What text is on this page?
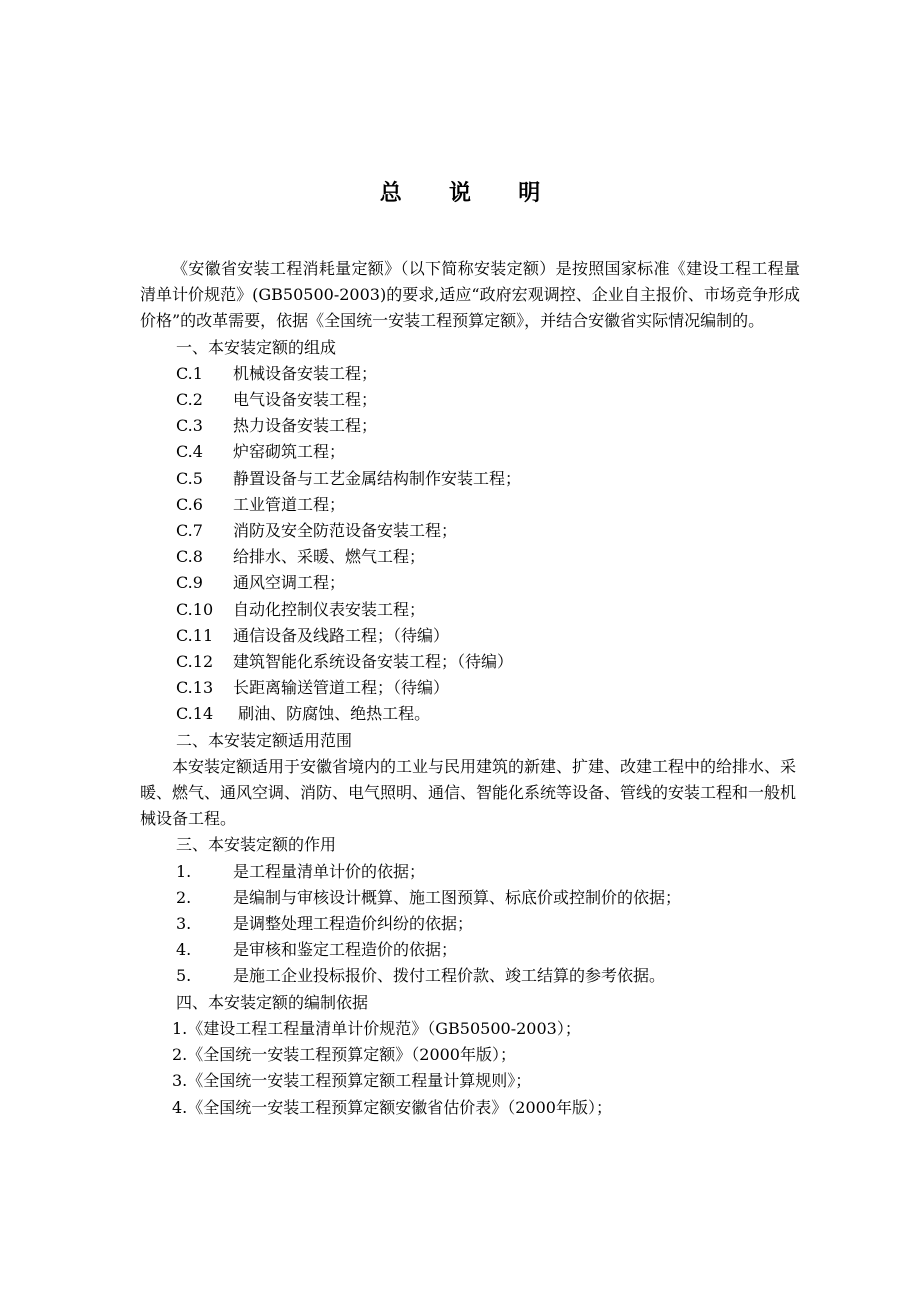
总 说 明

《安徽省安装工程消耗量定额》（以下简称安装定额）是按照国家标准《建设工程工程量清单计价规范》(GB50500-2003)的要求,适应“政府宏观调控、企业自主报价、市场竞争形成价格”的改革需要，依据《全国统一安装工程预算定额》，并结合安徽省实际情况编制的。

一、本安装定额的组成

C.1 机械设备安装工程；

C.2 电气设备安装工程；

C.3 热力设备安装工程；

C.4 炉窑砌筑工程；

C.5 静置设备与工艺金属结构制作安装工程；

C.6 工业管道工程；

C.7 消防及安全防范设备安装工程；

C.8 给排水、采暖、燃气工程；

C.9 通风空调工程；

C.10 自动化控制仪表安装工程；

C.11 通信设备及线路工程；（待编）

C.12 建筑智能化系统设备安装工程；（待编）

C.13 长距离输送管道工程；（待编）

C.14 刷油、防腐蚀、绝热工程。

二、本安装定额适用范围

本安装定额适用于安徽省境内的工业与民用建筑的新建、扩建、改建工程中的给排水、采暖、燃气、通风空调、消防、电气照明、通信、智能化系统等设备、管线的安装工程和一般机械设备工程。

三、本安装定额的作用

1.	是工程量清单计价的依据；

2.	是编制与审核设计概算、施工图预算、标底价或控制价的依据；

3.	是调整处理工程造价纠纷的依据；

4.	是审核和鉴定工程造价的依据；

5.	是施工企业投标报价、拨付工程价款、竣工结算的参考依据。

四、本安装定额的编制依据

1.《建设工程工程量清单计价规范》（GB50500-2003）；

2.《全国统一安装工程预算定额》（2000年版）；

3.《全国统一安装工程预算定额工程量计算规则》；

4.《全国统一安装工程预算定额安徽省估价表》（2000年版）；
